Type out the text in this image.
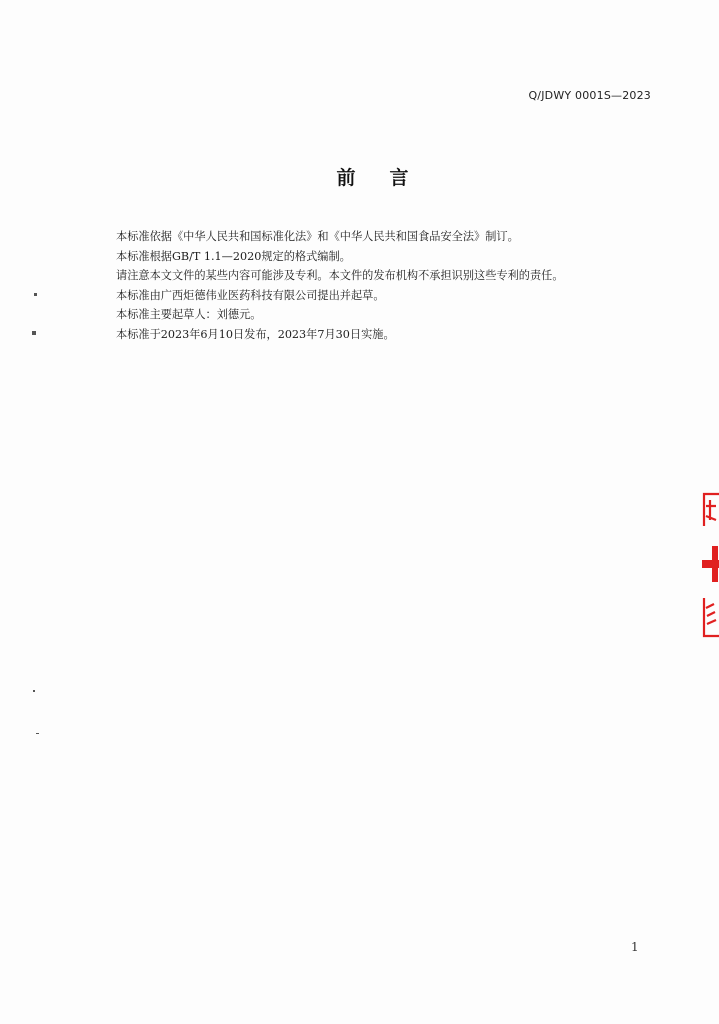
Q/JDWY 0001S—2023
前言
本标准依据《中华人民共和国标准化法》和《中华人民共和国食品安全法》制订。
本标准根据GB/T 1.1—2020规定的格式编制。
请注意本文文件的某些内容可能涉及专利。本文件的发布机构不承担识别这些专利的责任。
本标准由广西炬德伟业医药科技有限公司提出并起草。
本标准主要起草人：刘德元。
本标准于2023年6月10日发布，2023年7月30日实施。
1
